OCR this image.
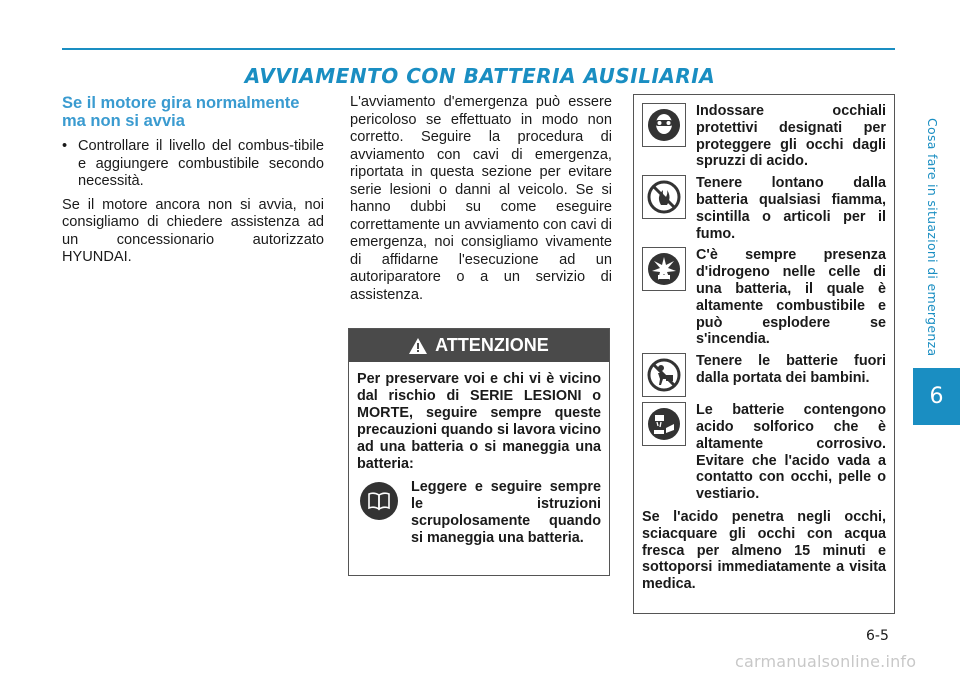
AVVIAMENTO CON BATTERIA AUSILIARIA
Cosa fare in situazioni di emergenza
6
Se il motore gira normalmente ma non si avvia
• Controllare il livello del combus-tibile e aggiungere combustibile secondo necessità.

Se il motore ancora non si avvia, noi consigliamo di chiedere assistenza ad un concessionario autorizzato HYUNDAI.

L'avviamento d'emergenza può essere pericoloso se effettuato in modo non corretto. Seguire la procedura di avviamento con cavi di emergenza, riportata in questa sezione per evitare serie lesioni o danni al veicolo. Se si hanno dubbi su come eseguire correttamente un avviamento con cavi di emergenza, noi consigliamo vivamente di affidarne l'esecuzione ad un autoriparatore o a un servizio di assistenza.

ATTENZIONE
Per preservare voi e chi vi è vicino dal rischio di SERIE LESIONI o MORTE, seguire sempre queste precauzioni quando si lavora vicino ad una batteria o si maneggia una batteria:
Leggere e seguire sempre le istruzioni scrupolosamente quando si maneggia una batteria.
Indossare occhiali protettivi designati per proteggere gli occhi dagli spruzzi di acido.
Tenere lontano dalla batteria qualsiasi fiamma, scintilla o articoli per il fumo.
C'è sempre presenza d'idrogeno nelle celle di una batteria, il quale è altamente combustibile e può esplodere se s'incendia.
Tenere le batterie fuori dalla portata dei bambini.
Le batterie contengono acido solforico che è altamente corrosivo. Evitare che l'acido vada a contatto con occhi, pelle o vestiario.
Se l'acido penetra negli occhi, sciacquare gli occhi con acqua fresca per almeno 15 minuti e sottoporsi immediatamente a visita medica.
6-5
carmanualsonline.info
